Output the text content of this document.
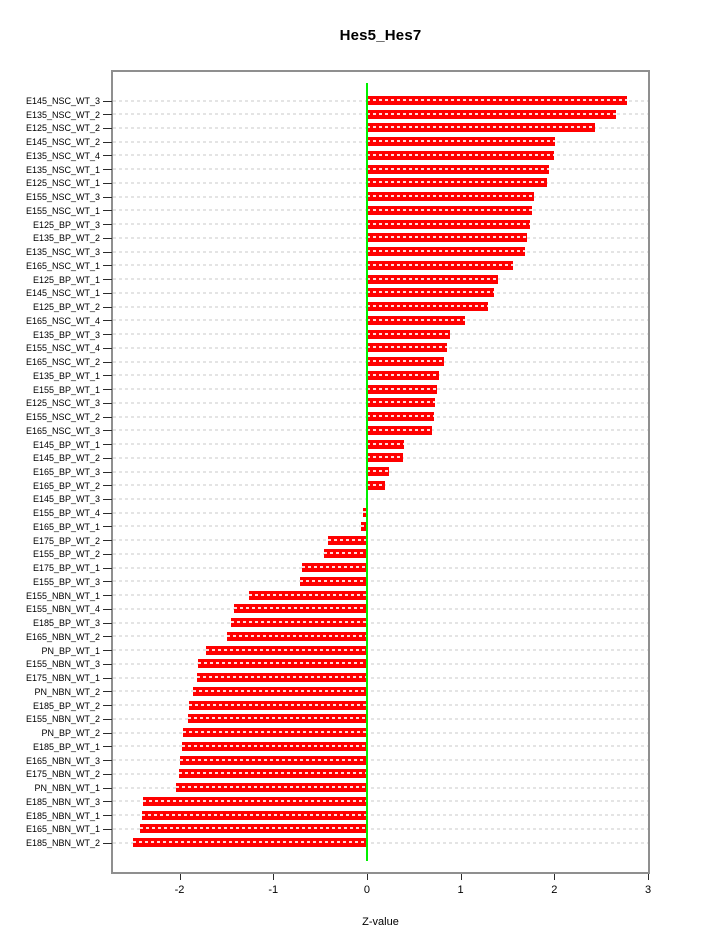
Hes5_Hes7
Z-value
E145_NSC_WT_3
E135_NSC_WT_2
E125_NSC_WT_2
E145_NSC_WT_2
E135_NSC_WT_4
E135_NSC_WT_1
E125_NSC_WT_1
E155_NSC_WT_3
E155_NSC_WT_1
E125_BP_WT_3
E135_BP_WT_2
E135_NSC_WT_3
E165_NSC_WT_1
E125_BP_WT_1
E145_NSC_WT_1
E125_BP_WT_2
E165_NSC_WT_4
E135_BP_WT_3
E155_NSC_WT_4
E165_NSC_WT_2
E135_BP_WT_1
E155_BP_WT_1
E125_NSC_WT_3
E155_NSC_WT_2
E165_NSC_WT_3
E145_BP_WT_1
E145_BP_WT_2
E165_BP_WT_3
E165_BP_WT_2
E145_BP_WT_3
E155_BP_WT_4
E165_BP_WT_1
E175_BP_WT_2
E155_BP_WT_2
E175_BP_WT_1
E155_BP_WT_3
E155_NBN_WT_1
E155_NBN_WT_4
E185_BP_WT_3
E165_NBN_WT_2
PN_BP_WT_1
E155_NBN_WT_3
E175_NBN_WT_1
PN_NBN_WT_2
E185_BP_WT_2
E155_NBN_WT_2
PN_BP_WT_2
E185_BP_WT_1
E165_NBN_WT_3
E175_NBN_WT_2
PN_NBN_WT_1
E185_NBN_WT_3
E185_NBN_WT_1
E165_NBN_WT_1
E185_NBN_WT_2
-2	-1	0	1	2	3
